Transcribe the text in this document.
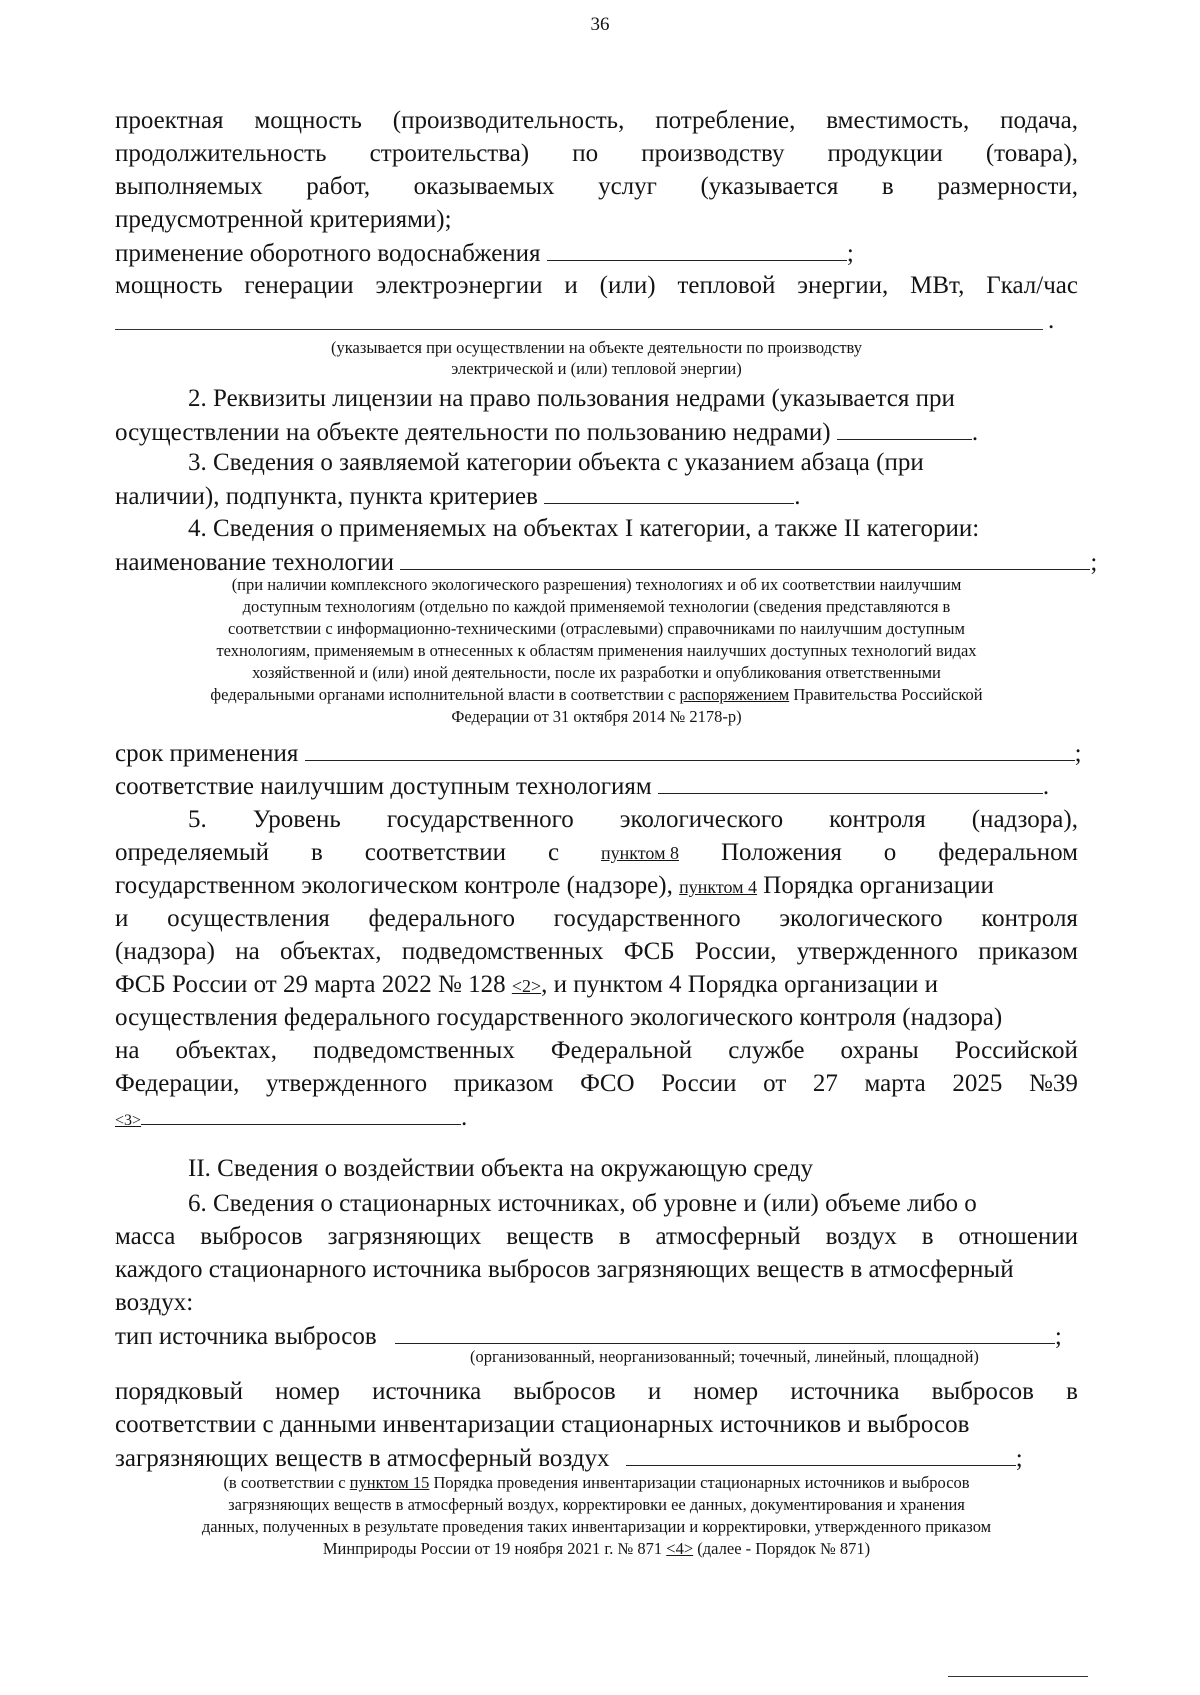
36
проектная мощность (производительность, потребление, вместимость, подача,
продолжительность строительства) по производству продукции (товара),
выполняемых работ, оказываемых услуг (указывается в размерности,
предусмотренной критериями);
применение оборотного водоснабжения	;
мощность генерации электроэнергии и (или) тепловой энергии, МВт, Гкал/час
.
(указывается при осуществлении на объекте деятельности по производству
электрической и (или) тепловой энергии)
2. Реквизиты лицензии на право пользования недрами (указывается при
осуществлении на объекте деятельности по пользованию недрами)	.
3. Сведения о заявляемой категории объекта с указанием абзаца (при
наличии), подпункта, пункта критериев	.
4. Сведения о применяемых на объектах I категории, а также II категории:
наименование технологии	;
(при наличии комплексного экологического разрешения) технологиях и об их соответствии наилучшим
доступным технологиям (отдельно по каждой применяемой технологии (сведения представляются в
соответствии с информационно-техническими (отраслевыми) справочниками по наилучшим доступным
технологиям, применяемым в отнесенных к областям применения наилучших доступных технологий видах
хозяйственной и (или) иной деятельности, после их разработки и опубликования ответственными
федеральными органами исполнительной власти в соответствии с распоряжением Правительства Российской
Федерации от 31 октября 2014 № 2178-р)
срок применения	;
соответствие наилучшим доступным технологиям	.
5. Уровень государственного экологического контроля (надзора),
определяемый в соответствии с пунктом 8 Положения о федеральном
государственном экологическом контроле (надзоре), пунктом 4 Порядка организации
и осуществления федерального государственного экологического контроля
(надзора) на объектах, подведомственных ФСБ России, утвержденного приказом
ФСБ России от 29 марта 2022 № 128 <2>, и пунктом 4 Порядка организации и
осуществления федерального государственного экологического контроля (надзора)
на объектах, подведомственных Федеральной службе охраны Российской
Федерации, утвержденного приказом ФСО России от 27 марта 2025 №39
<3>	.
II. Сведения о воздействии объекта на окружающую среду
6. Сведения о стационарных источниках, об уровне и (или) объеме либо о
масса выбросов загрязняющих веществ в атмосферный воздух в отношении
каждого стационарного источника выбросов загрязняющих веществ в атмосферный
воздух:
тип источника выбросов	;
(организованный, неорганизованный; точечный, линейный, площадной)
порядковый номер источника выбросов и номер источника выбросов в
соответствии с данными инвентаризации стационарных источников и выбросов
загрязняющих веществ в атмосферный воздух	;
(в соответствии с пунктом 15 Порядка проведения инвентаризации стационарных источников и выбросов
загрязняющих веществ в атмосферный воздух, корректировки ее данных, документирования и хранения
данных, полученных в результате проведения таких инвентаризации и корректировки, утвержденного приказом
Минприроды России от 19 ноября 2021 г. № 871 <4> (далее - Порядок № 871)
